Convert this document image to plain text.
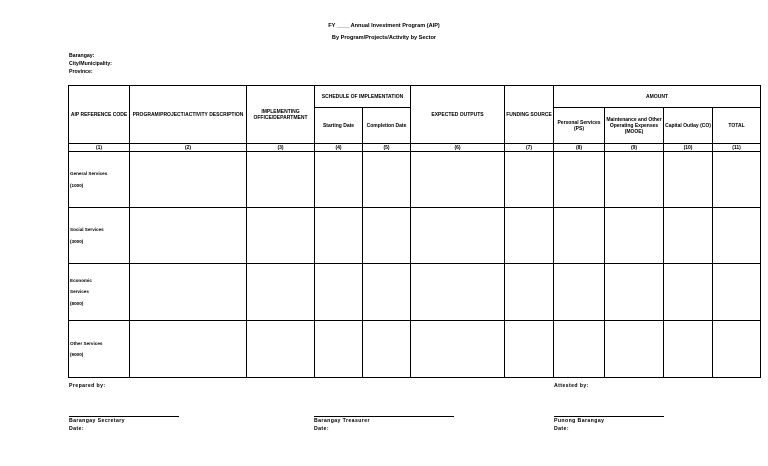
FY ____ Annual Investment Program (AIP)
By Program/Projects/Activity by Sector
Barangay:
City/Municipality:
Province:
AIP REFERENCE CODE	PROGRAM/PROJECT/ACTIVITY DESCRIPTION	IMPLEMENTING OFFICE/DEPARTMENT	SCHEDULE OF IMPLEMENTATION		EXPECTED OUTPUTS	FUNDING SOURCE	AMOUNT			
			Starting Date	Completion Date			Personal Services (PS)	Maintenance and Other Operating Expenses (MOOE)	Capital Outlay (CO)	TOTAL
(1)	(2)	(3)	(4)	(5)	(6)	(7)	(8)	(9)	(10)	(11)

General Services
(1000)										

Social Services
(3000)										

Economic
Services
(8000)										

Other Services
(9000)										

Prepared by:	Attested by:
Barangay Secretary
Date:
Barangay Treasurer
Date:
Punong Barangay
Date:
